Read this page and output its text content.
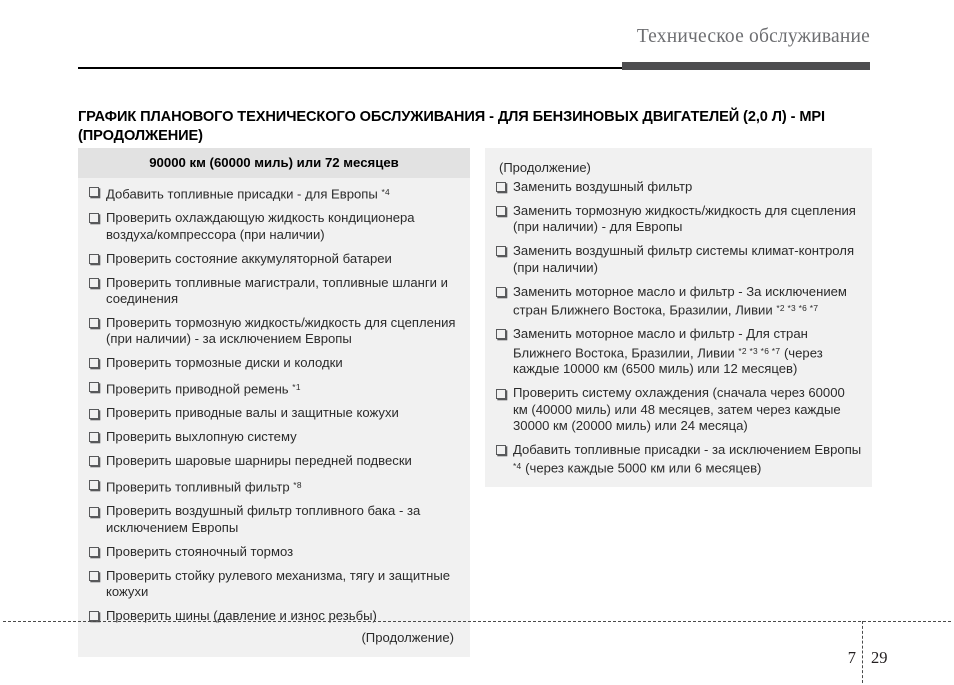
Техническое обслуживание
ГРАФИК ПЛАНОВОГО ТЕХНИЧЕСКОГО ОБСЛУЖИВАНИЯ - ДЛЯ БЕНЗИНОВЫХ ДВИГАТЕЛЕЙ (2,0 Л) - MPI (ПРОДОЛЖЕНИЕ)
90000 км (60000 миль) или 72 месяцев
Добавить топливные присадки - для Европы $^{*4}$
Проверить охлаждающую жидкость кондиционера воздуха/компрессора (при наличии)
Проверить состояние аккумуляторной батареи
Проверить топливные магистрали, топливные шланги и соединения
Проверить тормозную жидкость/жидкость для сцепления (при наличии) - за исключением Европы
Проверить тормозные диски и колодки
Проверить приводной ремень $^{*1}$
Проверить приводные валы и защитные кожухи
Проверить выхлопную систему
Проверить шаровые шарниры передней подвески
Проверить топливный фильтр $^{*8}$
Проверить воздушный фильтр топливного бака - за исключением Европы
Проверить стояночный тормоз
Проверить стойку рулевого механизма, тягу и защитные кожухи
Проверить шины (давление и износ резьбы)
(Продолжение)
(Продолжение)
Заменить воздушный фильтр
Заменить тормозную жидкость/жидкость для сцепления (при наличии) - для Европы
Заменить воздушный фильтр системы климат-контроля (при наличии)
Заменить моторное масло и фильтр - За исключением стран Ближнего Востока, Бразилии, Ливии $^{*2 *3 *6 *7}$
Заменить моторное масло и фильтр - Для стран Ближнего Востока, Бразилии, Ливии $^{*2 *3 *6 *7}$ (через каждые 10000 км (6500 миль) или 12 месяцев)
Проверить систему охлаждения (сначала через 60000 км (40000 миль) или 48 месяцев, затем через каждые 30000 км (20000 миль) или 24 месяца)
Добавить топливные присадки - за исключением Европы $^{*4}$ (через каждые 5000 км или 6 месяцев)
7 29
